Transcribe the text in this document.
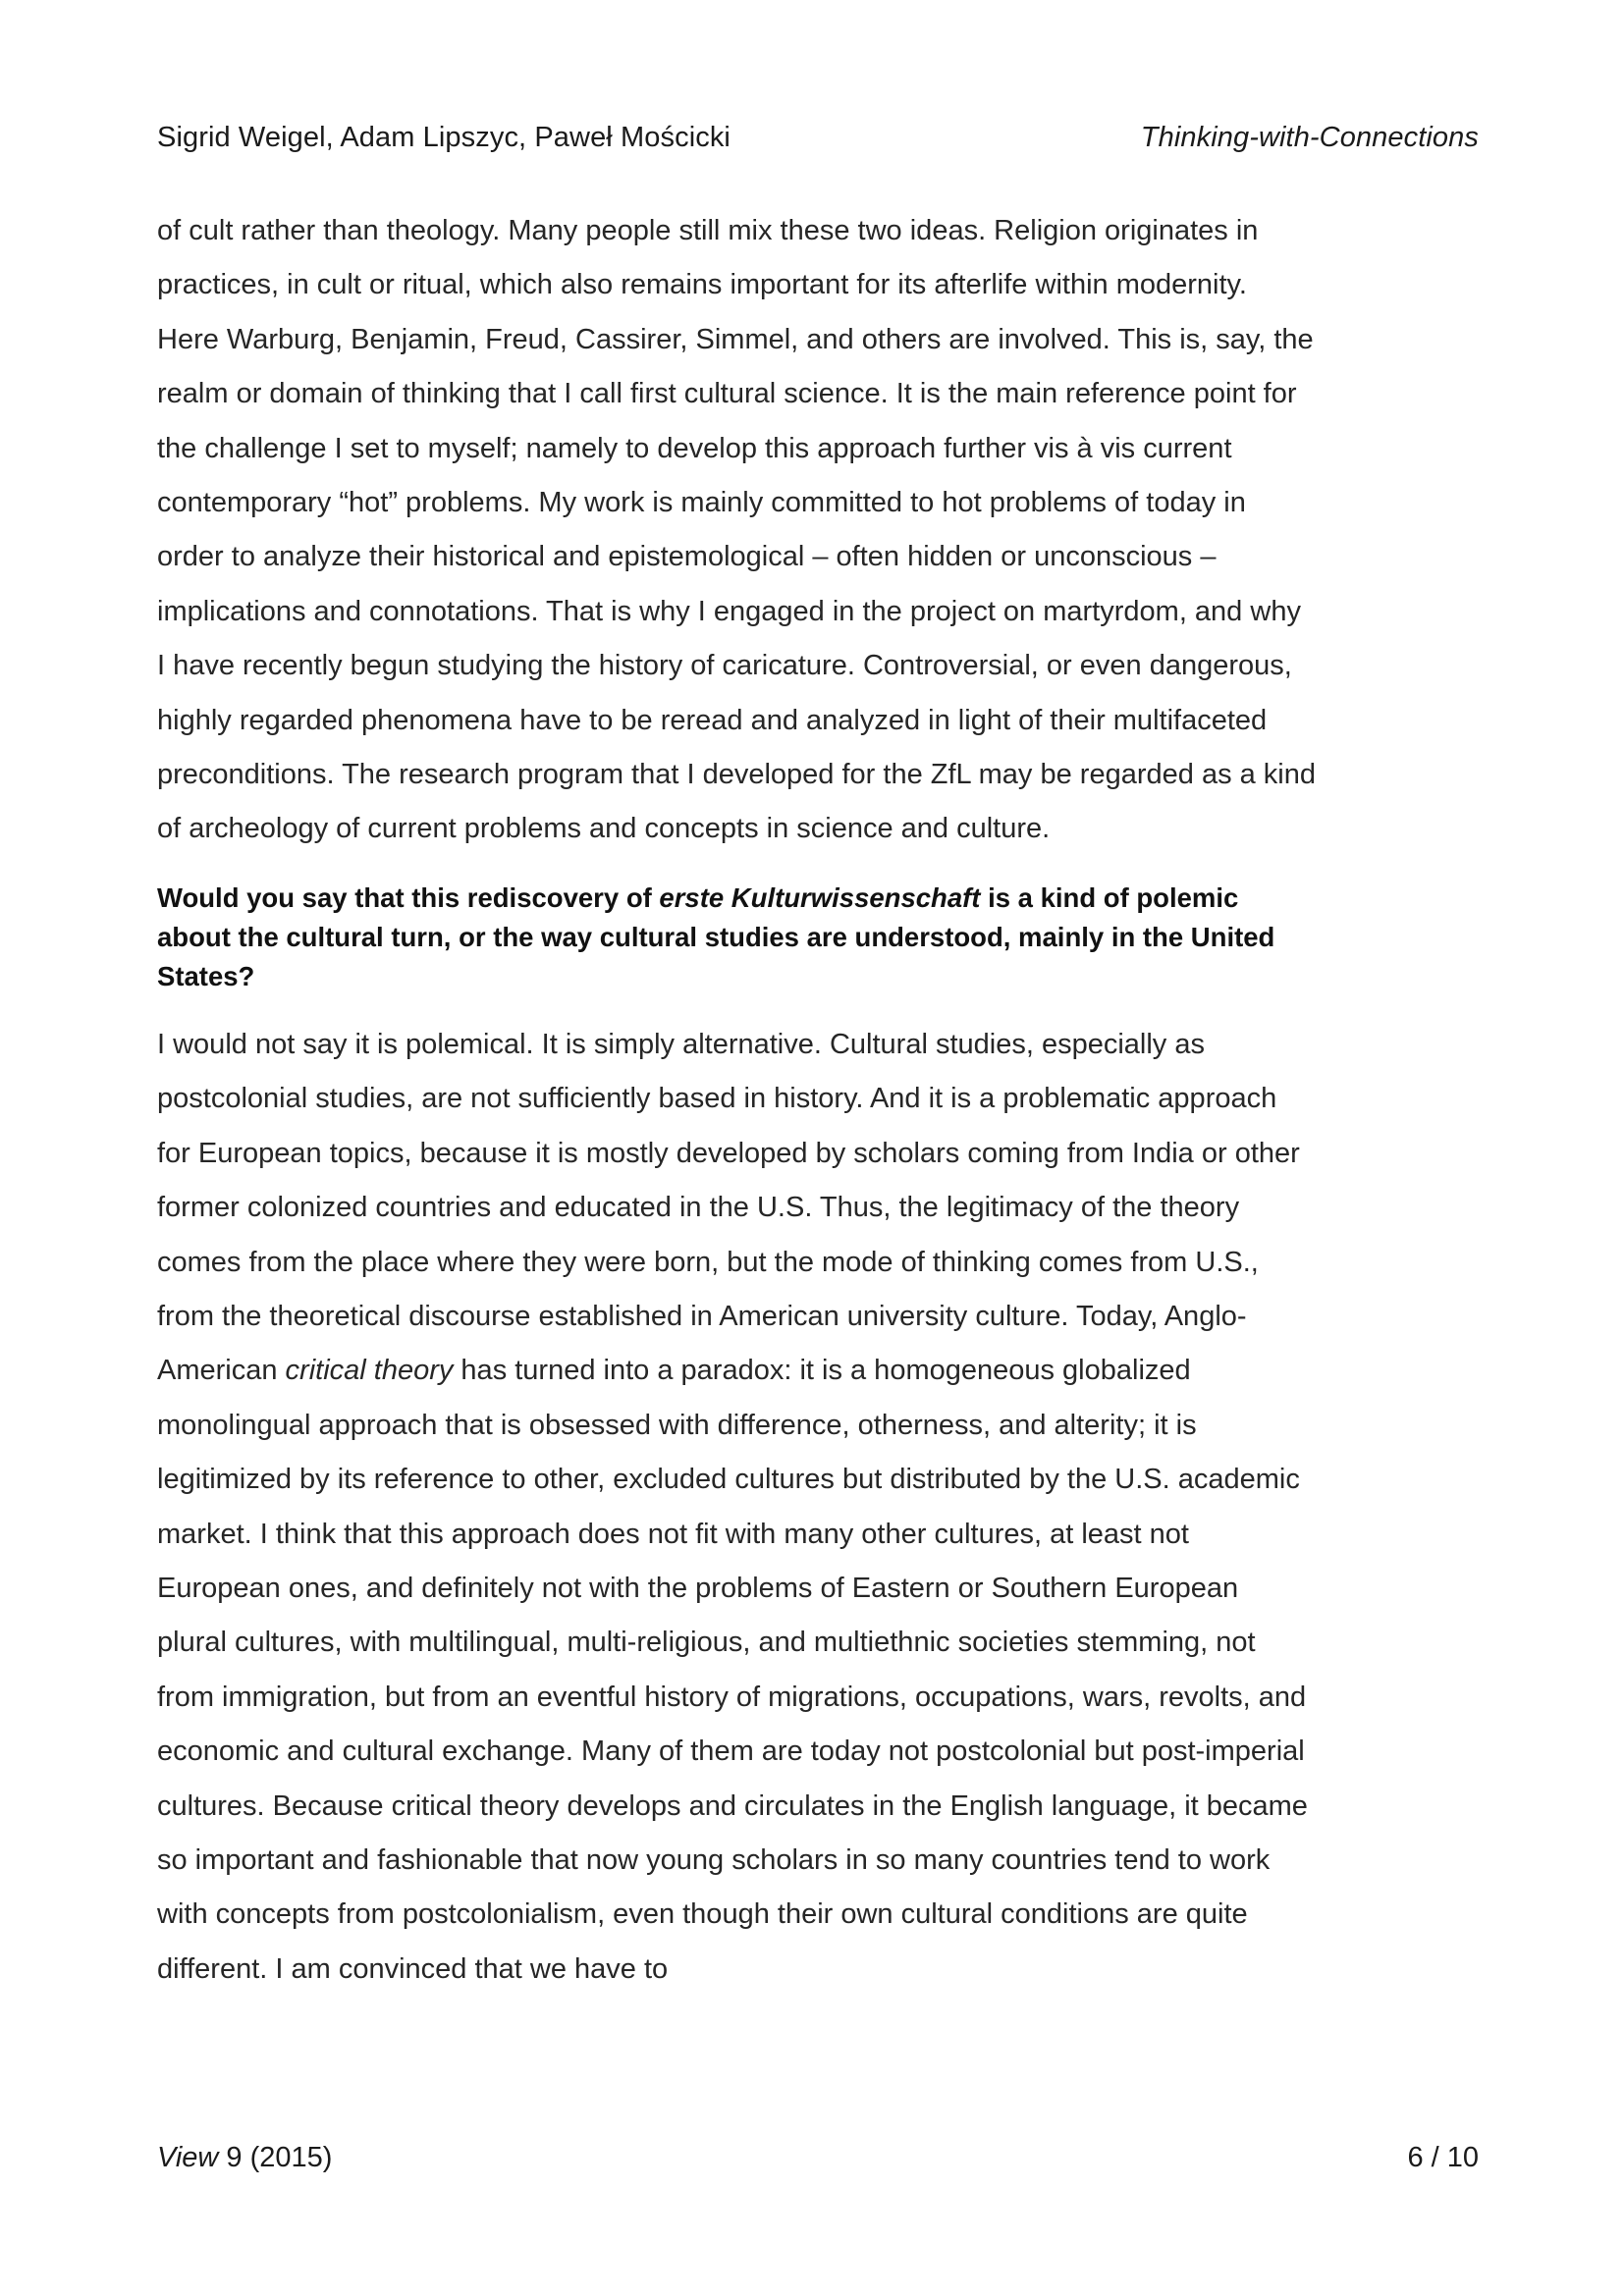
Sigrid Weigel, Adam Lipszyc, Paweł Mościcki	Thinking-with-Connections

of cult rather than theology. Many people still mix these two ideas. Religion originates in practices, in cult or ritual, which also remains important for its afterlife within modernity. Here Warburg, Benjamin, Freud, Cassirer, Simmel, and others are involved. This is, say, the realm or domain of thinking that I call first cultural science. It is the main reference point for the challenge I set to myself; namely to develop this approach further vis à vis current contemporary “hot” problems. My work is mainly committed to hot problems of today in order to analyze their historical and epistemological – often hidden or unconscious – implications and connotations. That is why I engaged in the project on martyrdom, and why I have recently begun studying the history of caricature. Controversial, or even dangerous, highly regarded phenomena have to be reread and analyzed in light of their multifaceted preconditions. The research program that I developed for the ZfL may be regarded as a kind of archeology of current problems and concepts in science and culture.

Would you say that this rediscovery of erste Kulturwissenschaft is a kind of polemic about the cultural turn, or the way cultural studies are understood, mainly in the United States?

I would not say it is polemical. It is simply alternative. Cultural studies, especially as postcolonial studies, are not sufficiently based in history. And it is a problematic approach for European topics, because it is mostly developed by scholars coming from India or other former colonized countries and educated in the U.S. Thus, the legitimacy of the theory comes from the place where they were born, but the mode of thinking comes from U.S., from the theoretical discourse established in American university culture. Today, Anglo-American critical theory has turned into a paradox: it is a homogeneous globalized monolingual approach that is obsessed with difference, otherness, and alterity; it is legitimized by its reference to other, excluded cultures but distributed by the U.S. academic market. I think that this approach does not fit with many other cultures, at least not European ones, and definitely not with the problems of Eastern or Southern European plural cultures, with multilingual, multi-religious, and multiethnic societies stemming, not from immigration, but from an eventful history of migrations, occupations, wars, revolts, and economic and cultural exchange. Many of them are today not postcolonial but post-imperial cultures. Because critical theory develops and circulates in the English language, it became so important and fashionable that now young scholars in so many countries tend to work with concepts from postcolonialism, even though their own cultural conditions are quite different. I am convinced that we have to

View 9 (2015)	6 / 10
